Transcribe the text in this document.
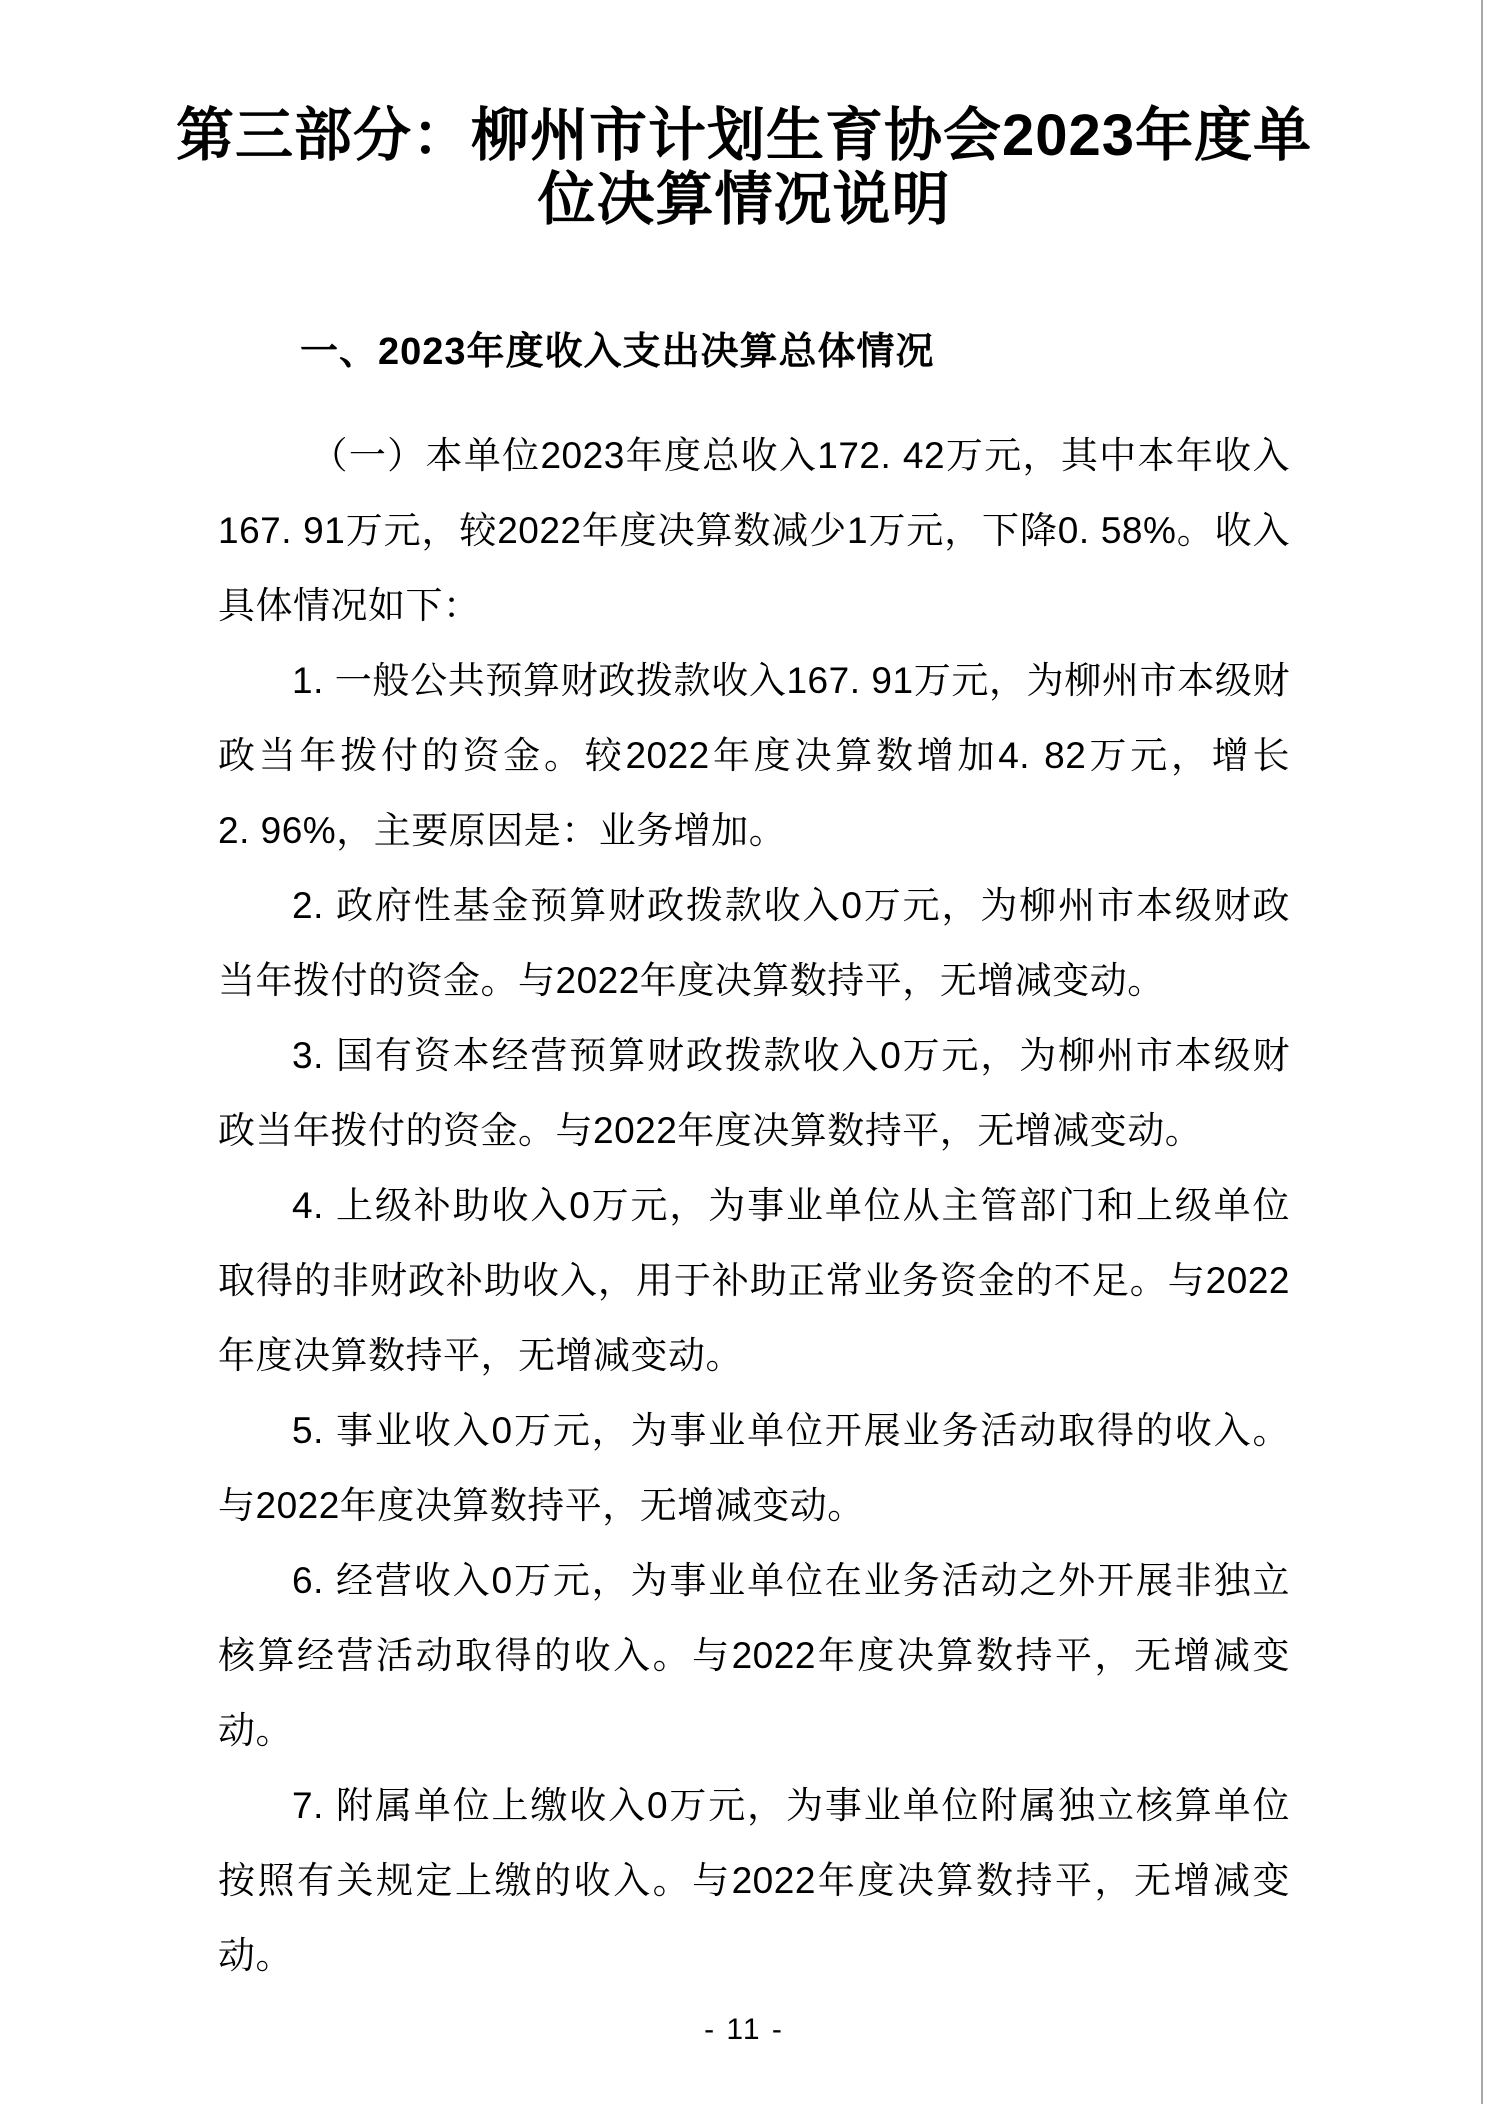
第三部分：柳州市计划生育协会2023年度单
位决算情况说明
一、2023年度收入支出决算总体情况

（一）本单位2023年度总收入172. 42万元，其中本年收入167. 91万元，较2022年度决算数减少1万元，下降0. 58%。收入具体情况如下：

1. 一般公共预算财政拨款收入167. 91万元，为柳州市本级财政当年拨付的资金。较2022年度决算数增加4. 82万元，增长2. 96%，主要原因是：业务增加。

2. 政府性基金预算财政拨款收入0万元，为柳州市本级财政当年拨付的资金。与2022年度决算数持平，无增减变动。

3. 国有资本经营预算财政拨款收入0万元，为柳州市本级财政当年拨付的资金。与2022年度决算数持平，无增减变动。

4. 上级补助收入0万元，为事业单位从主管部门和上级单位取得的非财政补助收入，用于补助正常业务资金的不足。与2022年度决算数持平，无增减变动。

5. 事业收入0万元，为事业单位开展业务活动取得的收入。与2022年度决算数持平，无增减变动。

6. 经营收入0万元，为事业单位在业务活动之外开展非独立核算经营活动取得的收入。与2022年度决算数持平，无增减变动。

7. 附属单位上缴收入0万元，为事业单位附属独立核算单位按照有关规定上缴的收入。与2022年度决算数持平，无增减变动。

- 11 -
